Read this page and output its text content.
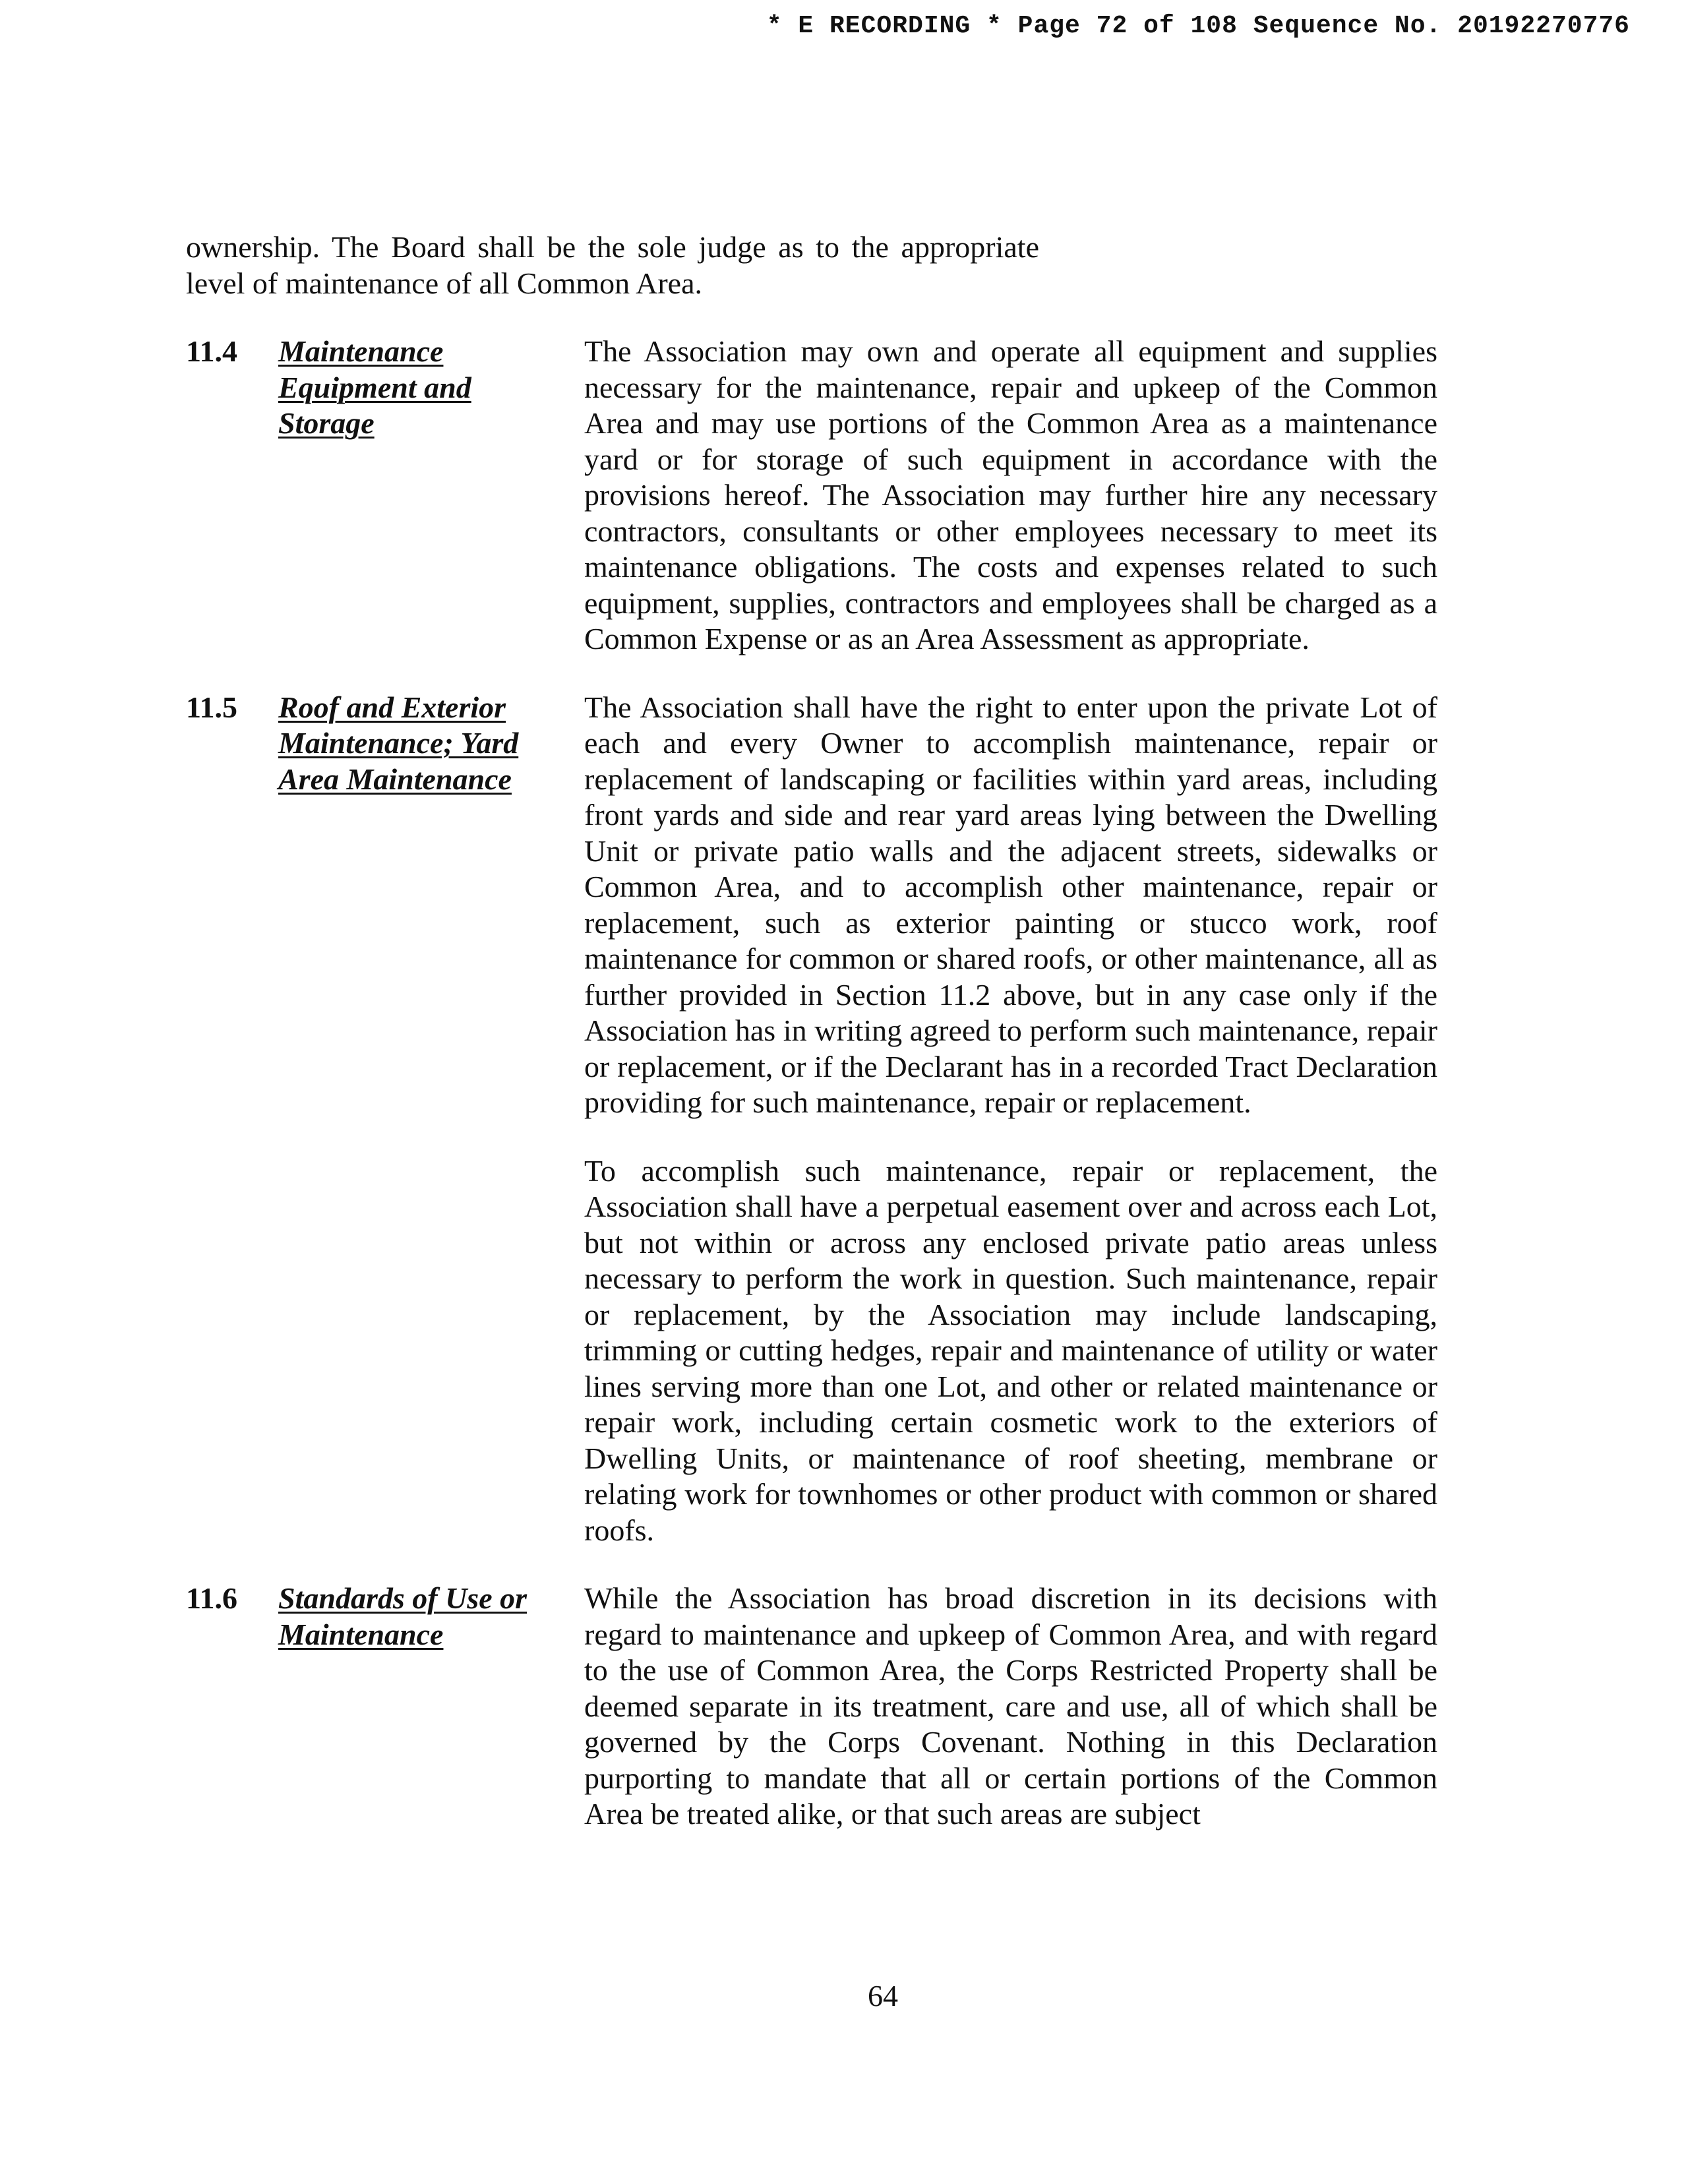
* E RECORDING * Page 72 of 108 Sequence No. 20192270776

ownership. The Board shall be the sole judge as to the appropriate level of maintenance of all Common Area.

11.4	Maintenance Equipment and Storage

The Association may own and operate all equipment and supplies necessary for the maintenance, repair and upkeep of the Common Area and may use portions of the Common Area as a maintenance yard or for storage of such equipment in accordance with the provisions hereof. The Association may further hire any necessary contractors, consultants or other employees necessary to meet its maintenance obligations. The costs and expenses related to such equipment, supplies, contractors and employees shall be charged as a Common Expense or as an Area Assessment as appropriate.

11.5	Roof and Exterior Maintenance; Yard Area Maintenance

The Association shall have the right to enter upon the private Lot of each and every Owner to accomplish maintenance, repair or replacement of landscaping or facilities within yard areas, including front yards and side and rear yard areas lying between the Dwelling Unit or private patio walls and the adjacent streets, sidewalks or Common Area, and to accomplish other maintenance, repair or replacement, such as exterior painting or stucco work, roof maintenance for common or shared roofs, or other maintenance, all as further provided in Section 11.2 above, but in any case only if the Association has in writing agreed to perform such maintenance, repair or replacement, or if the Declarant has in a recorded Tract Declaration providing for such maintenance, repair or replacement.

To accomplish such maintenance, repair or replacement, the Association shall have a perpetual easement over and across each Lot, but not within or across any enclosed private patio areas unless necessary to perform the work in question. Such maintenance, repair or replacement, by the Association may include landscaping, trimming or cutting hedges, repair and maintenance of utility or water lines serving more than one Lot, and other or related maintenance or repair work, including certain cosmetic work to the exteriors of Dwelling Units, or maintenance of roof sheeting, membrane or relating work for townhomes or other product with common or shared roofs.

11.6	Standards of Use or Maintenance

While the Association has broad discretion in its decisions with regard to maintenance and upkeep of Common Area, and with regard to the use of Common Area, the Corps Restricted Property shall be deemed separate in its treatment, care and use, all of which shall be governed by the Corps Covenant. Nothing in this Declaration purporting to mandate that all or certain portions of the Common Area be treated alike, or that such areas are subject

64
